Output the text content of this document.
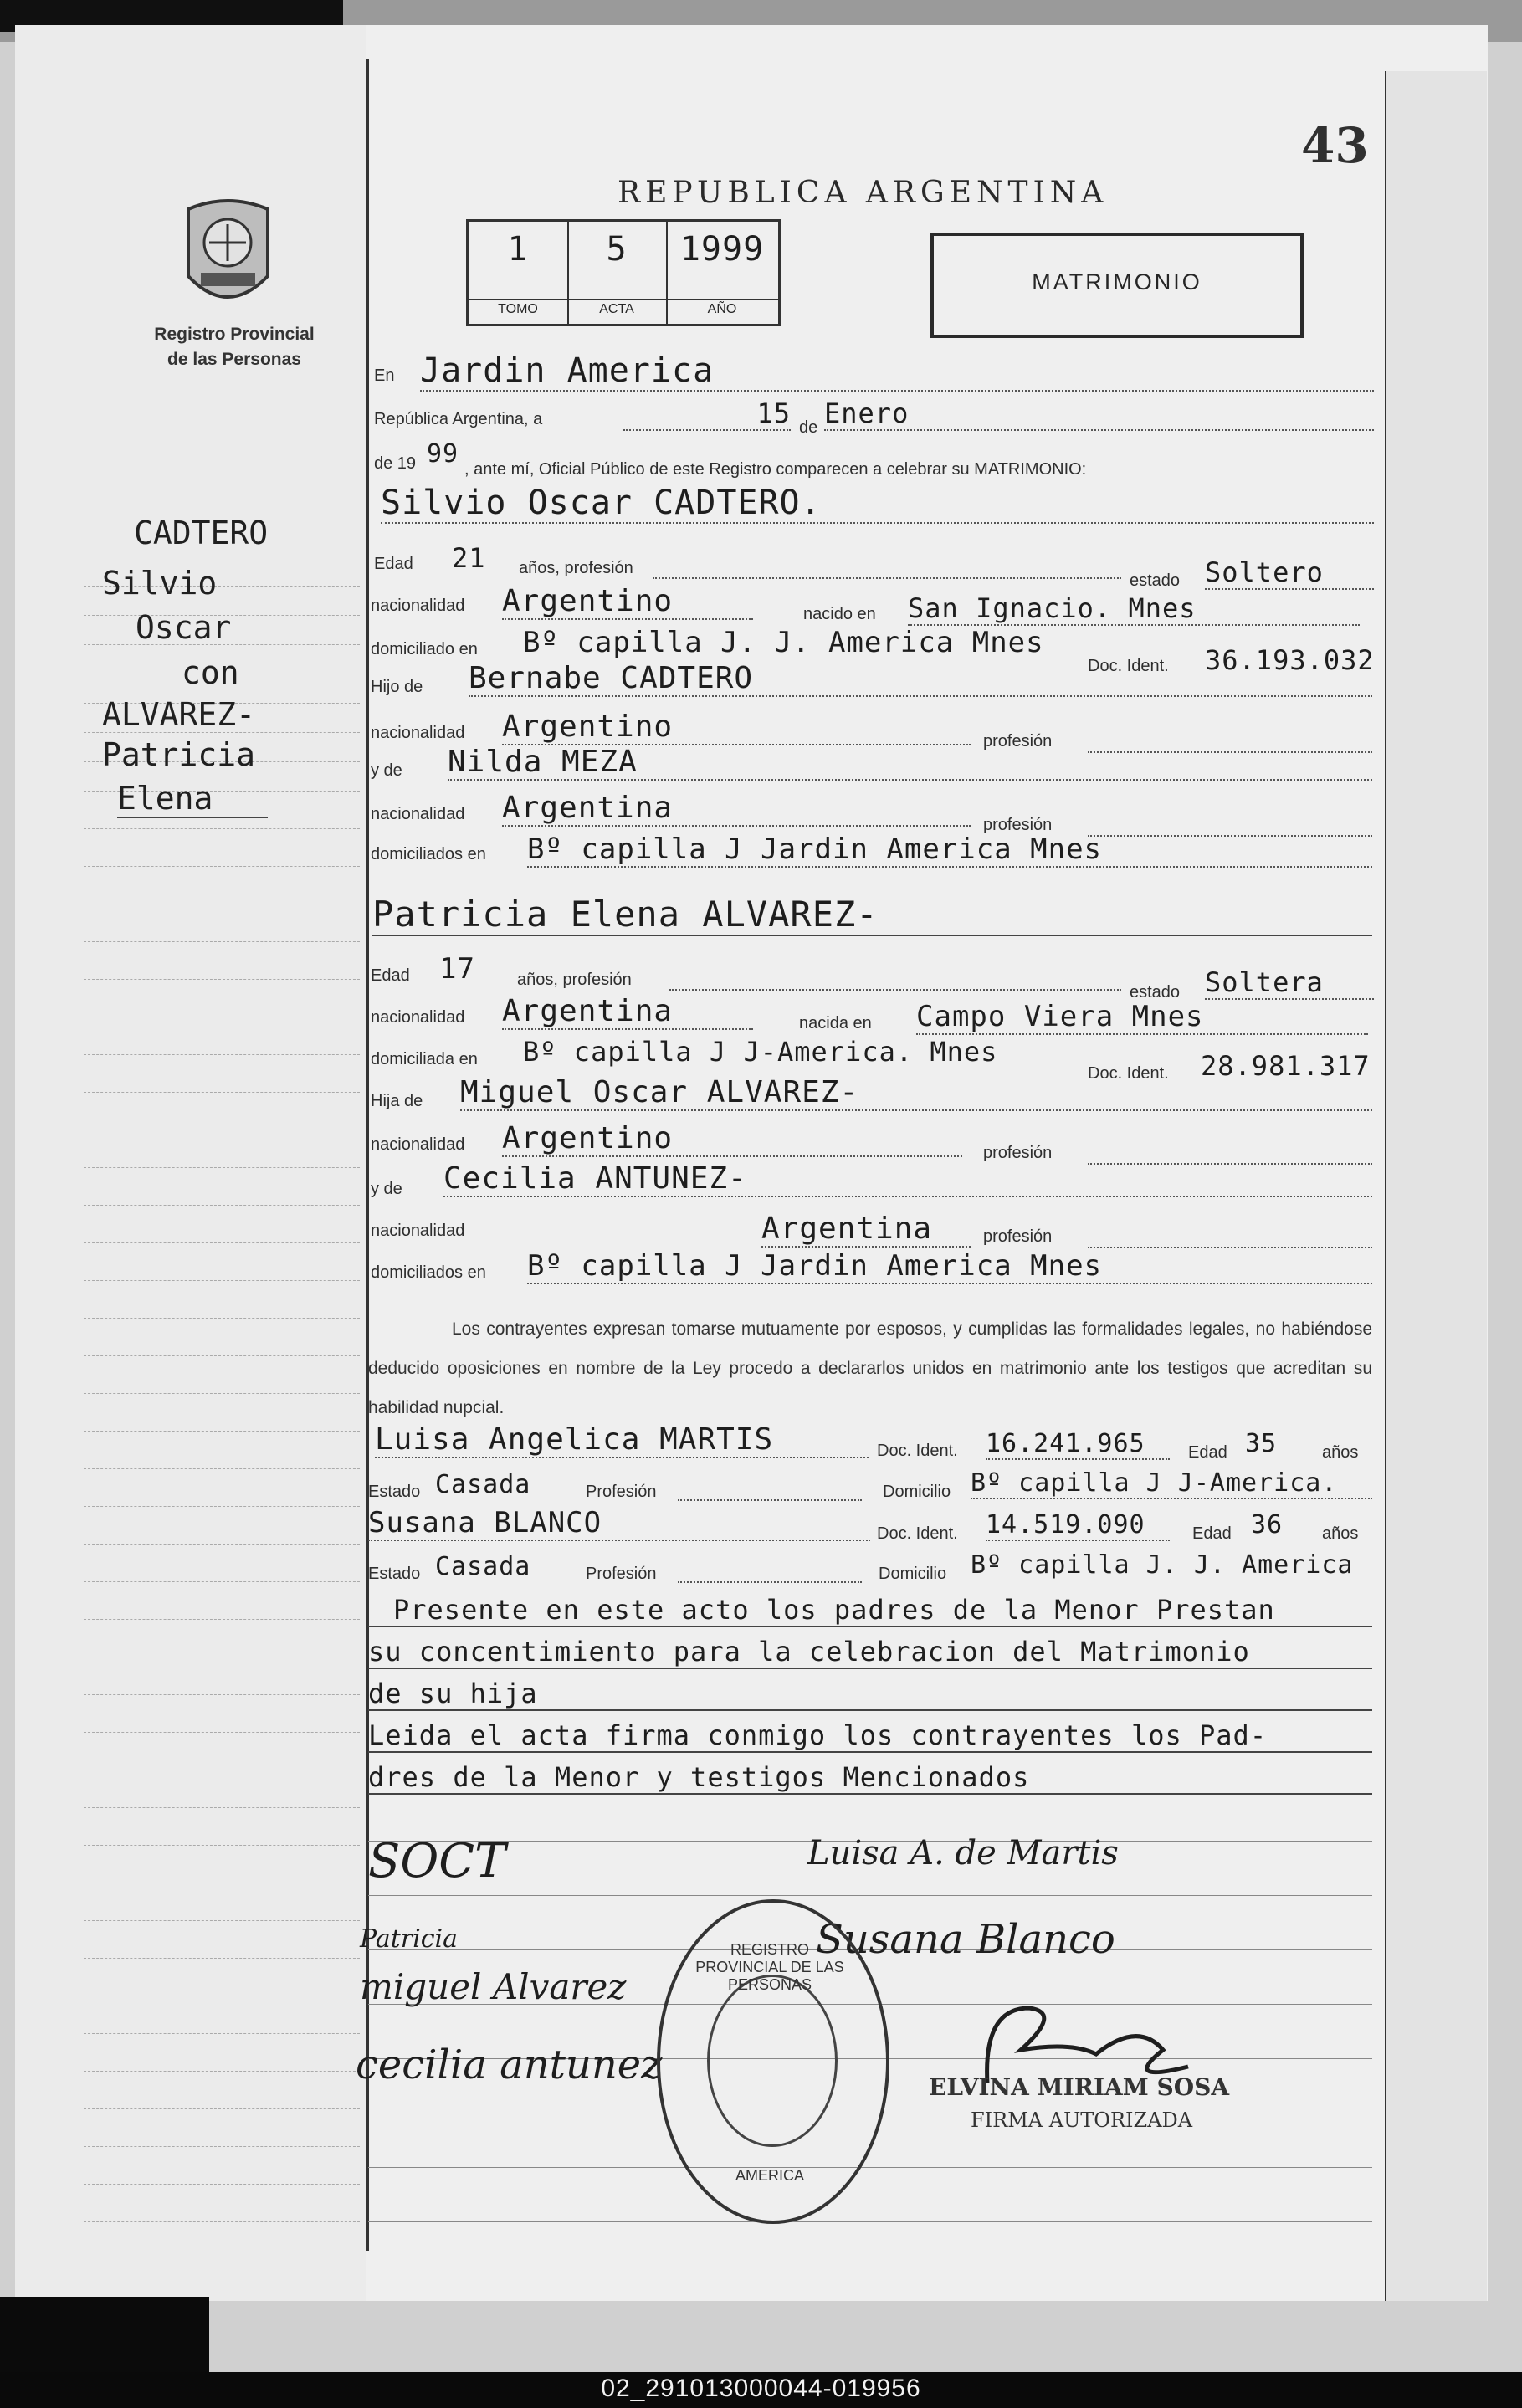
43
REPUBLICA ARGENTINA
1
TOMO
5
ACTA
1999
AÑO
MATRIMONIO
Registro Provincial
de las Personas
CADTERO
Silvio
Oscar
con
ALVAREZ-
Patricia
Elena
En Jardin America
República Argentina, a	15 de Enero
de 19 99
, ante mí, Oficial Público de este Registro comparecen a celebrar su MATRIMONIO:
Silvio Oscar CADTERO.
Edad 21 años, profesión
estado Soltero
nacionalidad Argentino	nacido en San Ignacio. Mnes
domiciliado en Bº capilla J. J. America Mnes
Doc. Ident. 36.193.032
Hijo de Bernabe CADTERO
nacionalidad Argentino	profesión
y de Nilda MEZA
nacionalidad Argentina	profesión
domiciliados en Bº capilla J Jardin America Mnes
Patricia Elena ALVAREZ-
Edad 17	años, profesión
estado Soltera
nacionalidad Argentina	nacida en Campo Viera Mnes
domiciliada en Bº capilla J J-America. Mnes
Doc. Ident. 28.981.317
Hija de Miguel Oscar ALVAREZ-
nacionalidad Argentino	profesión
y de Cecilia ANTUNEZ-
nacionalidad	Argentina	profesión
domiciliados en Bº capilla J Jardin America Mnes
Los contrayentes expresan tomarse mutuamente por esposos, y cumplidas las formalidades legales, no habiéndose deducido oposiciones en nombre de la Ley procedo a declararlos unidos en matrimonio ante los testigos que acreditan su habilidad nupcial.
Luisa Angelica MARTIS	Doc. Ident. 16.241.965	Edad 35	años
Estado Casada	Profesión	Domicilio Bº capilla J J-America.
Susana BLANCO	Doc. Ident. 14.519.090	Edad 36 años
Estado Casada	Profesión	Domicilio Bº capilla J. J. America
Presente en este acto los padres de la Menor Prestan
su concentimiento para la celebracion del Matrimonio
de su hija
Leida el acta firma conmigo los contrayentes los Pad-
dres de la Menor y testigos Mencionados
SOCT	Luisa A. de Martis
Susana Blanco
Patricia
miguel Alvarez
cecilia antunez
REGISTRO PROVINCIAL DE LAS PERSONAS
AMERICA
ELVINA MIRIAM SOSA
FIRMA AUTORIZADA
02_291013000044-019956
